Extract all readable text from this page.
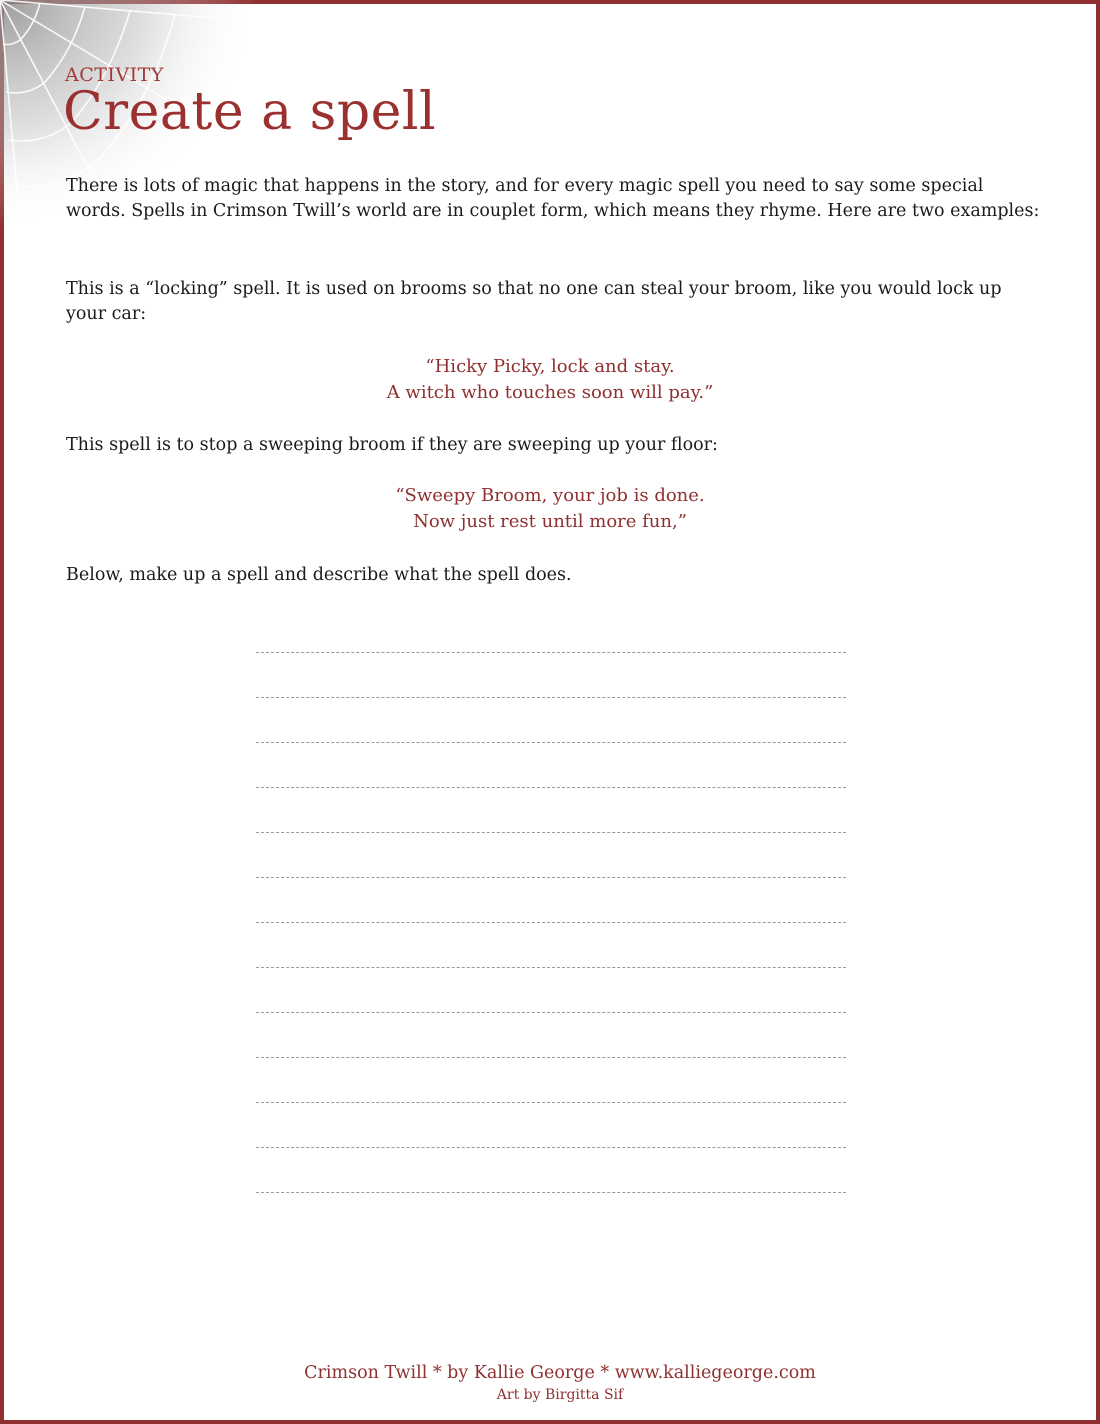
ACTIVITY
Create a spell

There is lots of magic that happens in the story, and for every magic spell you need to say some special words. Spells in Crimson Twill’s world are in couplet form, which means they rhyme. Here are two examples:

This is a “locking” spell. It is used on brooms so that no one can steal your broom, like you would lock up your car:

“Hicky Picky, lock and stay.
A witch who touches soon will pay.”

This spell is to stop a sweeping broom if they are sweeping up your floor:

“Sweepy Broom, your job is done.
Now just rest until more fun,”

Below, make up a spell and describe what the spell does.

Crimson Twill * by Kallie George * www.kalliegeorge.com
Art by Birgitta Sif
